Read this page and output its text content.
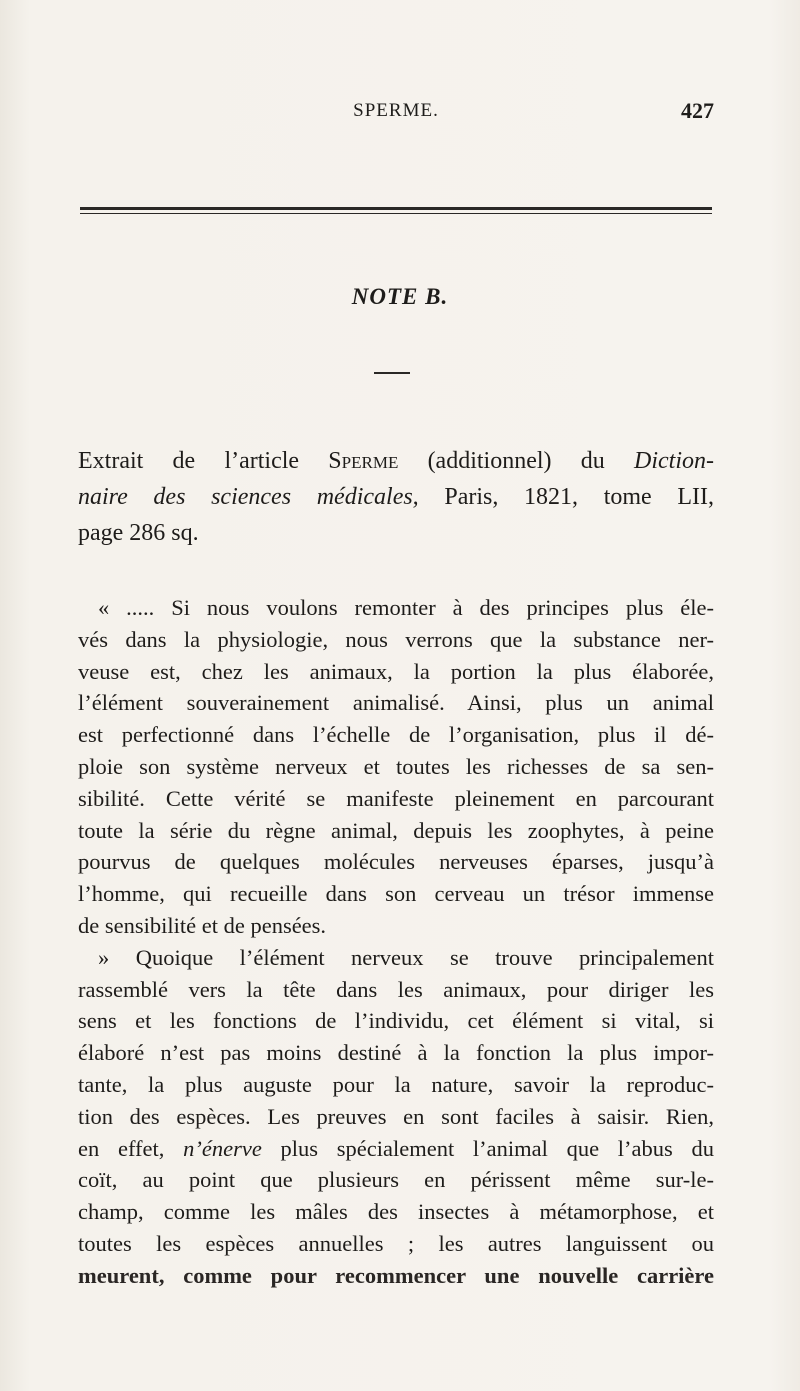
SPERME.	427
NOTE B.
Extrait de l’article Sperme (additionnel) du Diction-
naire des sciences médicales, Paris, 1821, tome LII,
page 286 sq.
« ..... Si nous voulons remonter à des principes plus éle-
vés dans la physiologie, nous verrons que la substance ner-
veuse est, chez les animaux, la portion la plus élaborée,
l’élément souverainement animalisé. Ainsi, plus un animal
est perfectionné dans l’échelle de l’organisation, plus il dé-
ploie son système nerveux et toutes les richesses de sa sen-
sibilité. Cette vérité se manifeste pleinement en parcourant
toute la série du règne animal, depuis les zoophytes, à peine
pourvus de quelques molécules nerveuses éparses, jusqu’à
l’homme, qui recueille dans son cerveau un trésor immense
de sensibilité et de pensées.
» Quoique l’élément nerveux se trouve principalement
rassemblé vers la tête dans les animaux, pour diriger les
sens et les fonctions de l’individu, cet élément si vital, si
élaboré n’est pas moins destiné à la fonction la plus impor-
tante, la plus auguste pour la nature, savoir la reproduc-
tion des espèces. Les preuves en sont faciles à saisir. Rien,
en effet, n’énerve plus spécialement l’animal que l’abus du
coït, au point que plusieurs en périssent même sur-le-
champ, comme les mâles des insectes à métamorphose, et
toutes les espèces annuelles ; les autres languissent ou
meurent, comme pour recommencer une nouvelle carrière
